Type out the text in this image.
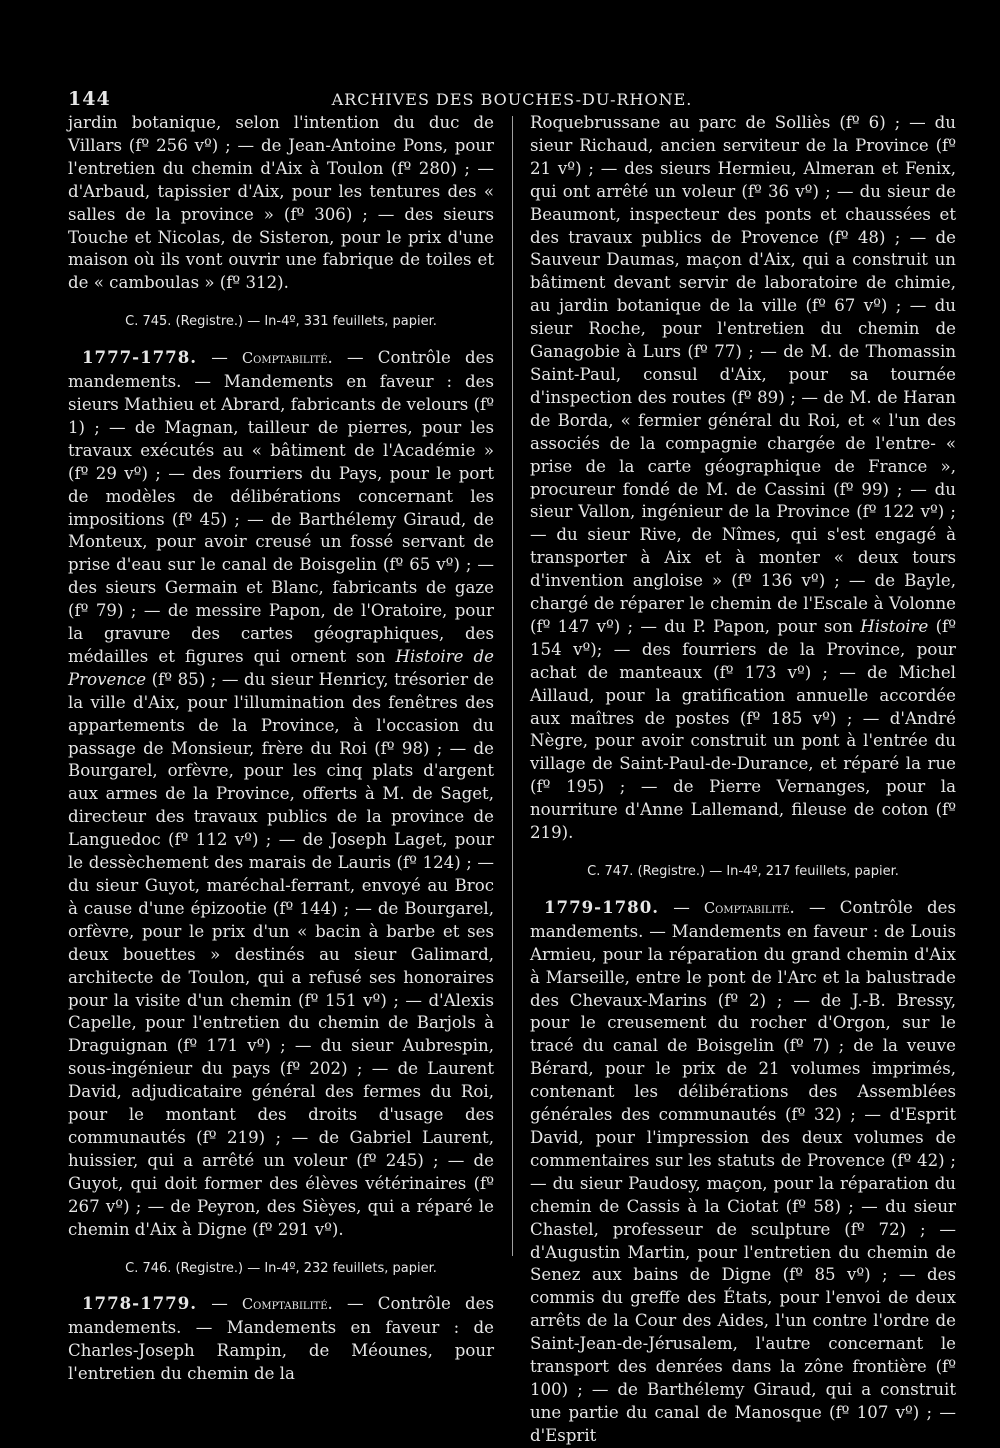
144	ARCHIVES DES BOUCHES-DU-RHONE.

jardin botanique, selon l'intention du duc de Villars (fº 256 vº) ; — de Jean-Antoine Pons, pour l'entretien du chemin d'Aix à Toulon (fº 280) ; — d'Arbaud, tapissier d'Aix, pour les tentures des « salles de la province » (fº 306) ; — des sieurs Touche et Nicolas, de Sisteron, pour le prix d'une maison où ils vont ouvrir une fabrique de toiles et de « camboulas » (fº 312).

C. 745. (Registre.) — In-4º, 331 feuillets, papier.

1777-1778. — Comptabilité. — Contrôle des mandements. — Mandements en faveur : des sieurs Mathieu et Abrard, fabricants de velours (fº 1) ; — de Magnan, tailleur de pierres, pour les travaux exécutés au « bâtiment de l'Académie » (fº 29 vº) ; — des fourriers du Pays, pour le port de modèles de délibérations concernant les impositions (fº 45) ; — de Barthélemy Giraud, de Monteux, pour avoir creusé un fossé servant de prise d'eau sur le canal de Boisgelin (fº 65 vº) ; — des sieurs Germain et Blanc, fabricants de gaze (fº 79) ; — de messire Papon, de l'Oratoire, pour la gravure des cartes géographiques, des médailles et figures qui ornent son Histoire de Provence (fº 85) ; — du sieur Henricy, trésorier de la ville d'Aix, pour l'illumination des fenêtres des appartements de la Province, à l'occasion du passage de Monsieur, frère du Roi (fº 98) ; — de Bourgarel, orfèvre, pour les cinq plats d'argent aux armes de la Province, offerts à M. de Saget, directeur des travaux publics de la province de Languedoc (fº 112 vº) ; — de Joseph Laget, pour le dessèchement des marais de Lauris (fº 124) ; — du sieur Guyot, maréchal-ferrant, envoyé au Broc à cause d'une épizootie (fº 144) ; — de Bourgarel, orfèvre, pour le prix d'un « bacin à barbe et ses deux bouettes » destinés au sieur Galimard, architecte de Toulon, qui a refusé ses honoraires pour la visite d'un chemin (fº 151 vº) ; — d'Alexis Capelle, pour l'entretien du chemin de Barjols à Draguignan (fº 171 vº) ; — du sieur Aubrespin, sous-ingénieur du pays (fº 202) ; — de Laurent David, adjudicataire général des fermes du Roi, pour le montant des droits d'usage des communautés (fº 219) ; — de Gabriel Laurent, huissier, qui a arrêté un voleur (fº 245) ; — de Guyot, qui doit former des élèves vétérinaires (fº 267 vº) ; — de Peyron, des Sièyes, qui a réparé le chemin d'Aix à Digne (fº 291 vº).

C. 746. (Registre.) — In-4º, 232 feuillets, papier.

1778-1779. — Comptabilité. — Contrôle des mandements. — Mandements en faveur : de Charles-Joseph Rampin, de Méounes, pour l'entretien du chemin de la

Roquebrussane au parc de Solliès (fº 6) ; — du sieur Richaud, ancien serviteur de la Province (fº 21 vº) ; — des sieurs Hermieu, Almeran et Fenix, qui ont arrêté un voleur (fº 36 vº) ; — du sieur de Beaumont, inspecteur des ponts et chaussées et des travaux publics de Provence (fº 48) ; — de Sauveur Daumas, maçon d'Aix, qui a construit un bâtiment devant servir de laboratoire de chimie, au jardin botanique de la ville (fº 67 vº) ; — du sieur Roche, pour l'entretien du chemin de Ganagobie à Lurs (fº 77) ; — de M. de Thomassin Saint-Paul, consul d'Aix, pour sa tournée d'inspection des routes (fº 89) ; — de M. de Haran de Borda, « fermier général du Roi, et « l'un des associés de la compagnie chargée de l'entre- « prise de la carte géographique de France », procureur fondé de M. de Cassini (fº 99) ; — du sieur Vallon, ingénieur de la Province (fº 122 vº) ; — du sieur Rive, de Nîmes, qui s'est engagé à transporter à Aix et à monter « deux tours d'invention angloise » (fº 136 vº) ; — de Bayle, chargé de réparer le chemin de l'Escale à Volonne (fº 147 vº) ; — du P. Papon, pour son Histoire (fº 154 vº); — des fourriers de la Province, pour achat de manteaux (fº 173 vº) ; — de Michel Aillaud, pour la gratification annuelle accordée aux maîtres de postes (fº 185 vº) ; — d'André Nègre, pour avoir construit un pont à l'entrée du village de Saint-Paul-de-Durance, et réparé la rue (fº 195) ; — de Pierre Vernanges, pour la nourriture d'Anne Lallemand, fileuse de coton (fº 219).

C. 747. (Registre.) — In-4º, 217 feuillets, papier.

1779-1780. — Comptabilité. — Contrôle des mandements. — Mandements en faveur : de Louis Armieu, pour la réparation du grand chemin d'Aix à Marseille, entre le pont de l'Arc et la balustrade des Chevaux-Marins (fº 2) ; — de J.-B. Bressy, pour le creusement du rocher d'Orgon, sur le tracé du canal de Boisgelin (fº 7) ; de la veuve Bérard, pour le prix de 21 volumes imprimés, contenant les délibérations des Assemblées générales des communautés (fº 32) ; — d'Esprit David, pour l'impression des deux volumes de commentaires sur les statuts de Provence (fº 42) ; — du sieur Paudosy, maçon, pour la réparation du chemin de Cassis à la Ciotat (fº 58) ; — du sieur Chastel, professeur de sculpture (fº 72) ; — d'Augustin Martin, pour l'entretien du chemin de Senez aux bains de Digne (fº 85 vº) ; — des commis du greffe des États, pour l'envoi de deux arrêts de la Cour des Aides, l'un contre l'ordre de Saint-Jean-de-Jérusalem, l'autre concernant le transport des denrées dans la zône frontière (fº 100) ; — de Barthélemy Giraud, qui a construit une partie du canal de Manosque (fº 107 vº) ; — d'Esprit
